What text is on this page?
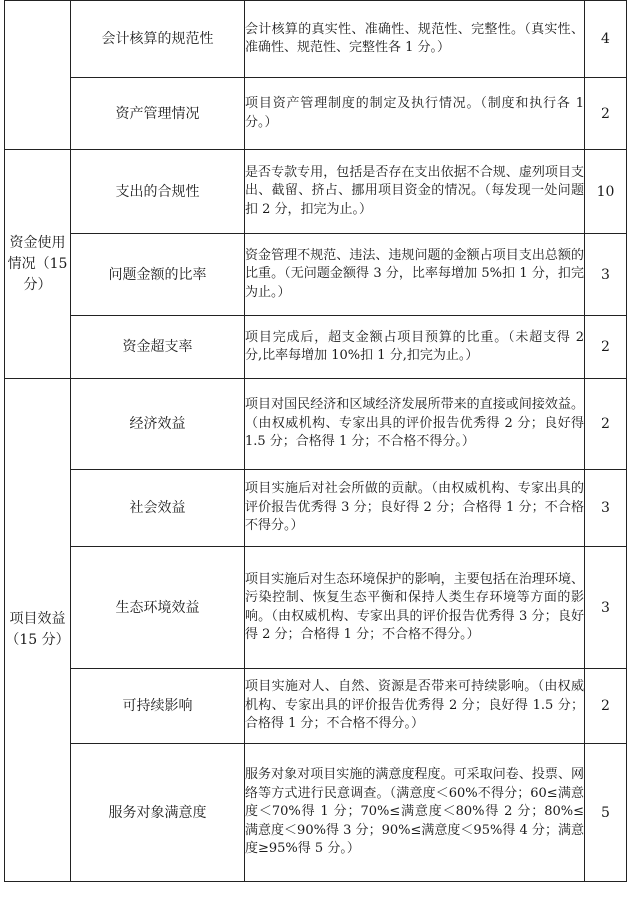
	会计核算的规范性	会计核算的真实性、准确性、规范性、完整性。（真实性、准确性、规范性、完整性各 1 分。）	4
	资产管理情况	项目资产管理制度的制定及执行情况。（制度和执行各 1 分。）	2
资金使用情况（15 分）	支出的合规性	是否专款专用，包括是否存在支出依据不合规、虚列项目支出、截留、挤占、挪用项目资金的情况。（每发现一处问题扣 2 分，扣完为止。）	10
	问题金额的比率	资金管理不规范、违法、违规问题的金额占项目支出总额的比重。（无问题金额得 3 分，比率每增加 5%扣 1 分，扣完为止。）	3
	资金超支率	项目完成后，超支金额占项目预算的比重。（未超支得 2 分,比率每增加 10%扣 1 分,扣完为止。）	2
项目效益（15 分）	经济效益	项目对国民经济和区域经济发展所带来的直接或间接效益。（由权威机构、专家出具的评价报告优秀得 2 分；良好得 1.5 分；合格得 1 分；不合格不得分。）	2
	社会效益	项目实施后对社会所做的贡献。（由权威机构、专家出具的评价报告优秀得 3 分；良好得 2 分；合格得 1 分；不合格不得分。）	3
	生态环境效益	项目实施后对生态环境保护的影响，主要包括在治理环境、污染控制、恢复生态平衡和保持人类生存环境等方面的影响。（由权威机构、专家出具的评价报告优秀得 3 分；良好得 2 分；合格得 1 分；不合格不得分。）	3
	可持续影响	项目实施对人、自然、资源是否带来可持续影响。（由权威机构、专家出具的评价报告优秀得 2 分；良好得 1.5 分；合格得 1 分；不合格不得分。）	2
	服务对象满意度	服务对象对项目实施的满意度程度。可采取问卷、投票、网络等方式进行民意调查。（满意度＜60%不得分；60≤满意度＜70%得 1 分；70%≤满意度＜80%得 2 分；80%≤满意度＜90%得 3 分；90%≤满意度＜95%得 4 分；满意度≥95%得 5 分。）	5
